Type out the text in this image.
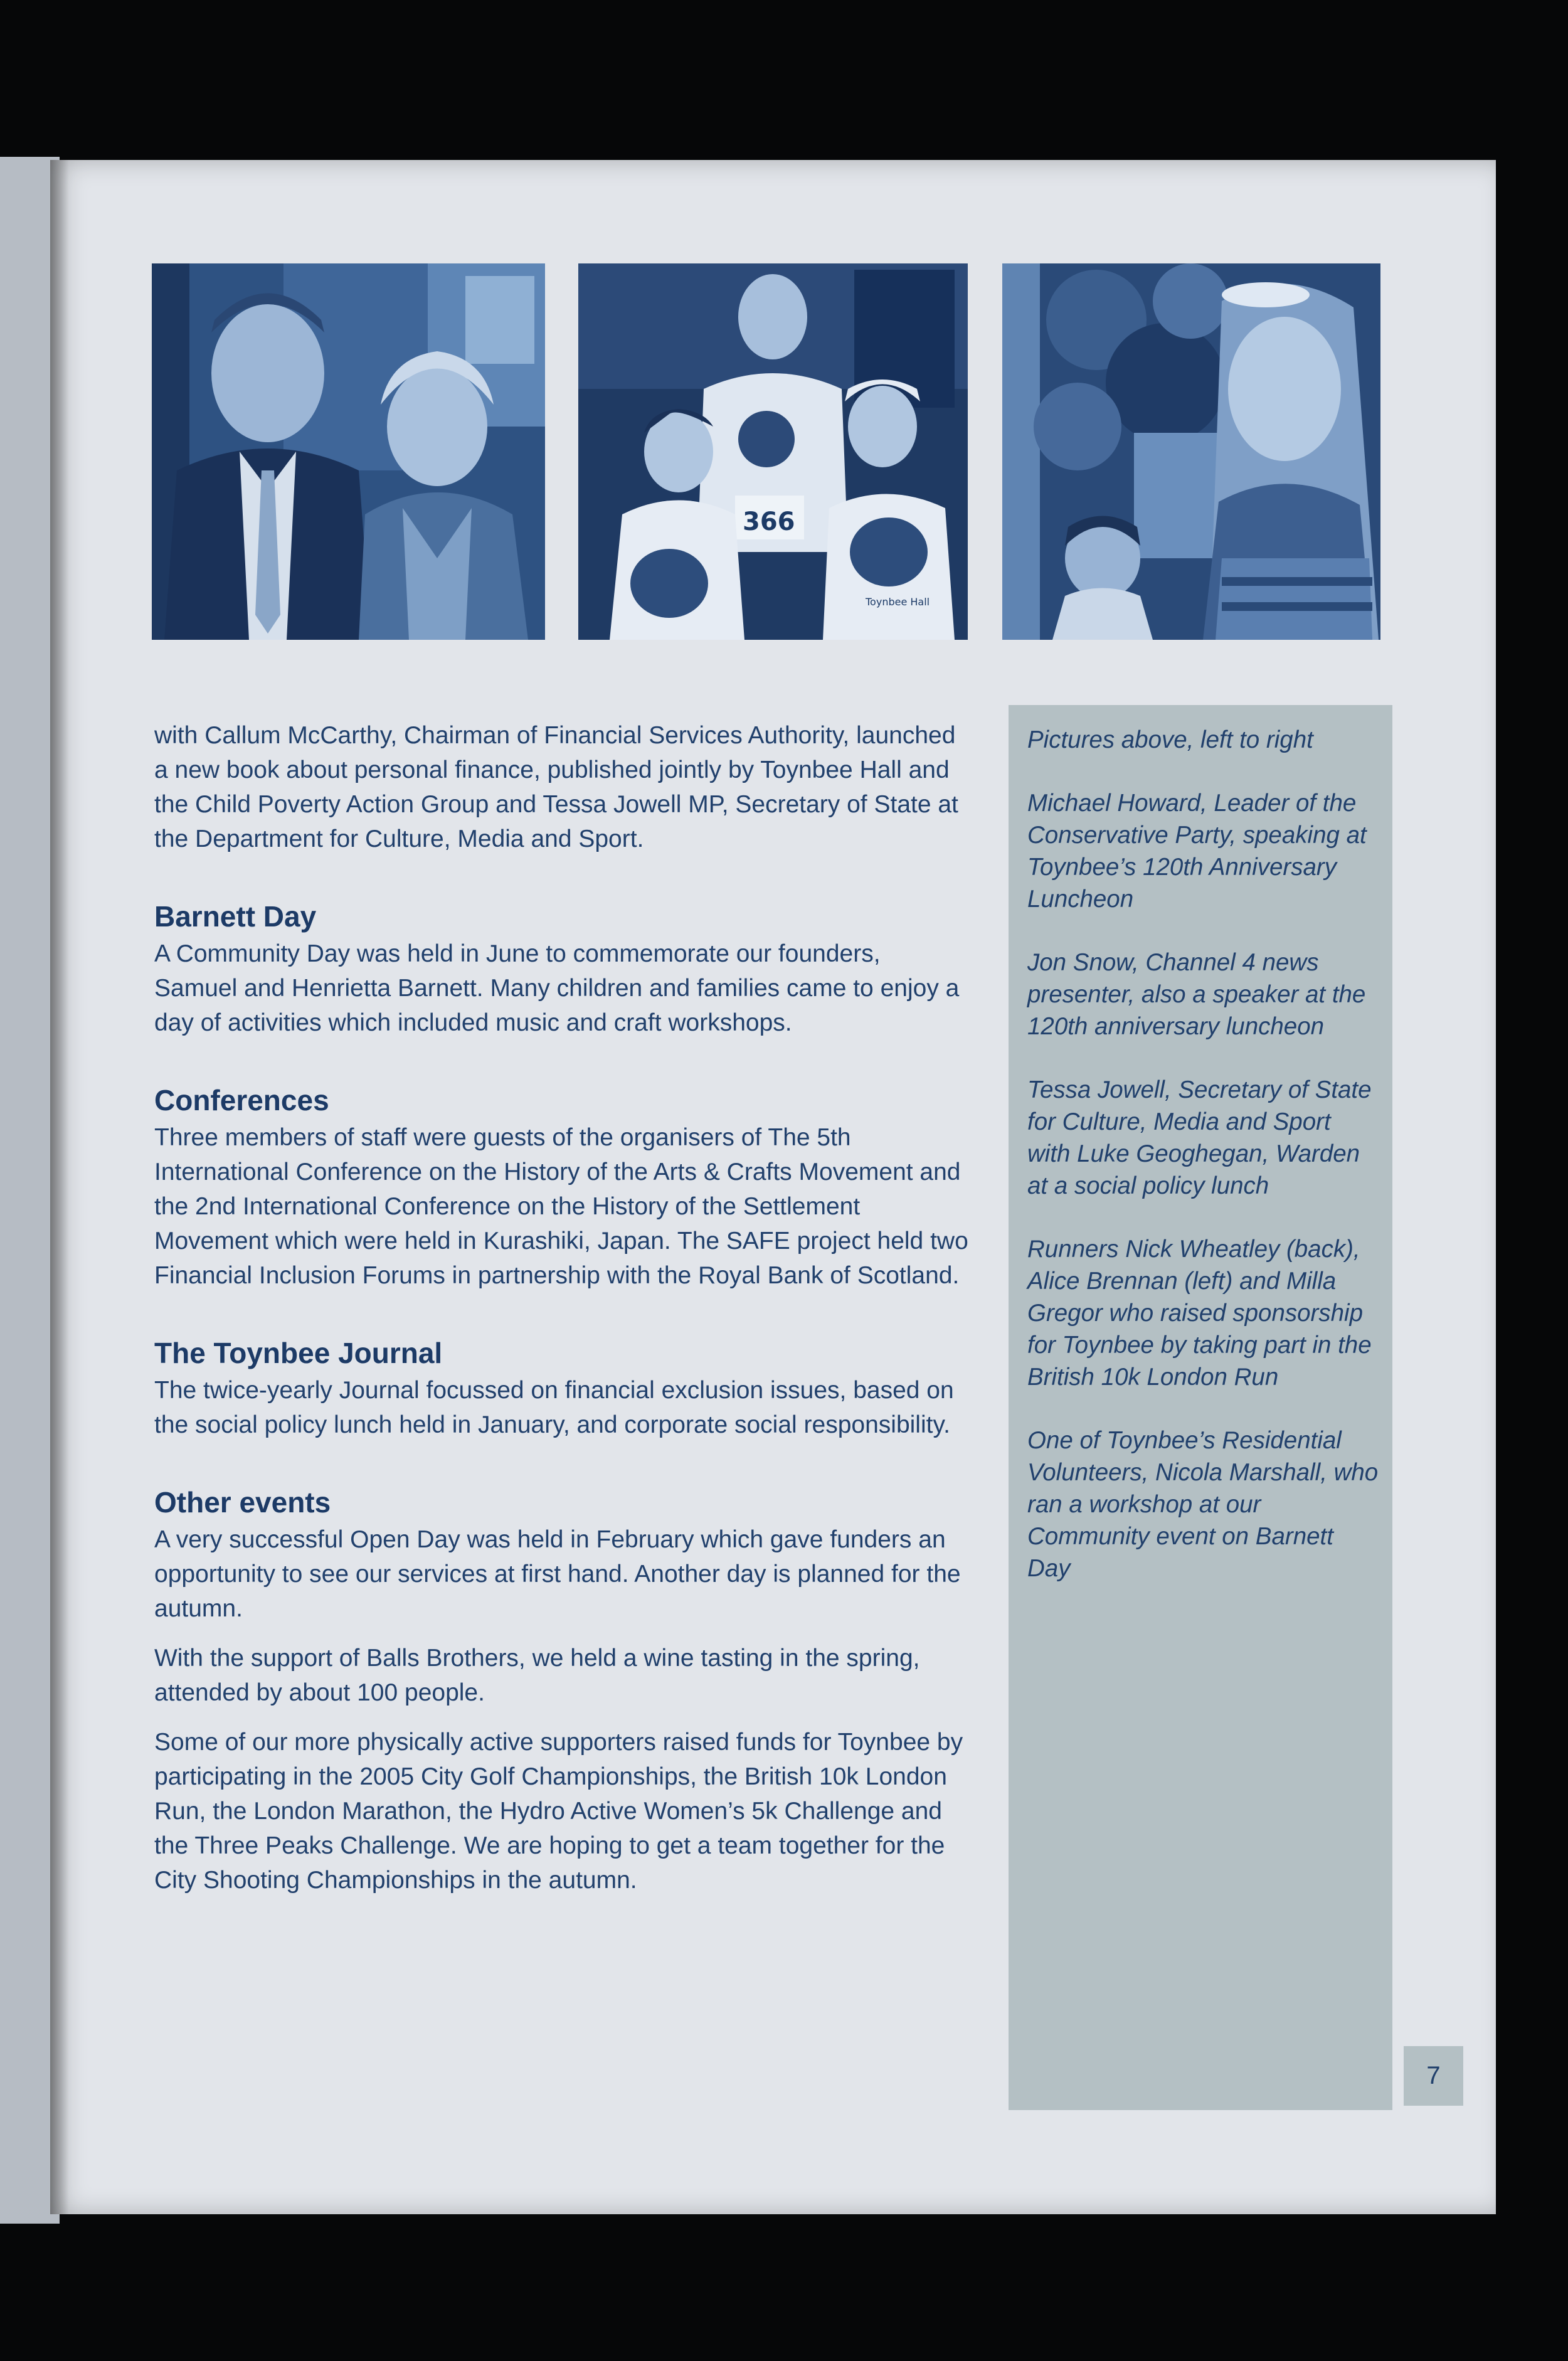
366
Toynbee Hall

with Callum McCarthy, Chairman of Financial Services Authority, launched a new book about personal finance, published jointly by Toynbee Hall and the Child Poverty Action Group and Tessa Jowell MP, Secretary of State at the Department for Culture, Media and Sport.

Barnett Day

A Community Day was held in June to commemorate our founders, Samuel and Henrietta Barnett. Many children and families came to enjoy a day of activities which included music and craft workshops.

Conferences

Three members of staff were guests of the organisers of The 5th International Conference on the History of the Arts & Crafts Movement and the 2nd International Conference on the History of the Settlement Movement which were held in Kurashiki, Japan. The SAFE project held two Financial Inclusion Forums in partnership with the Royal Bank of Scotland.

The Toynbee Journal

The twice-yearly Journal focussed on financial exclusion issues, based on the social policy lunch held in January, and corporate social responsibility.

Other events

A very successful Open Day was held in February which gave funders an opportunity to see our services at first hand. Another day is planned for the autumn.

With the support of Balls Brothers, we held a wine tasting in the spring, attended by about 100 people.

Some of our more physically active supporters raised funds for Toynbee by participating in the 2005 City Golf Championships, the British 10k London Run, the London Marathon, the Hydro Active Women’s 5k Challenge and the Three Peaks Challenge. We are hoping to get a team together for the City Shooting Championships in the autumn.

Pictures above, left to right

Michael Howard, Leader of the Conservative Party, speaking at Toynbee’s 120th Anniversary Luncheon

Jon Snow, Channel 4 news presenter, also a speaker at the 120th anniversary luncheon

Tessa Jowell, Secretary of State for Culture, Media and Sport with Luke Geoghegan, Warden at a social policy lunch

Runners Nick Wheatley (back), Alice Brennan (left) and Milla Gregor who raised sponsorship for Toynbee by taking part in the British 10k London Run

One of Toynbee’s Residential Volunteers, Nicola Marshall, who ran a workshop at our Community event on Barnett Day

7
